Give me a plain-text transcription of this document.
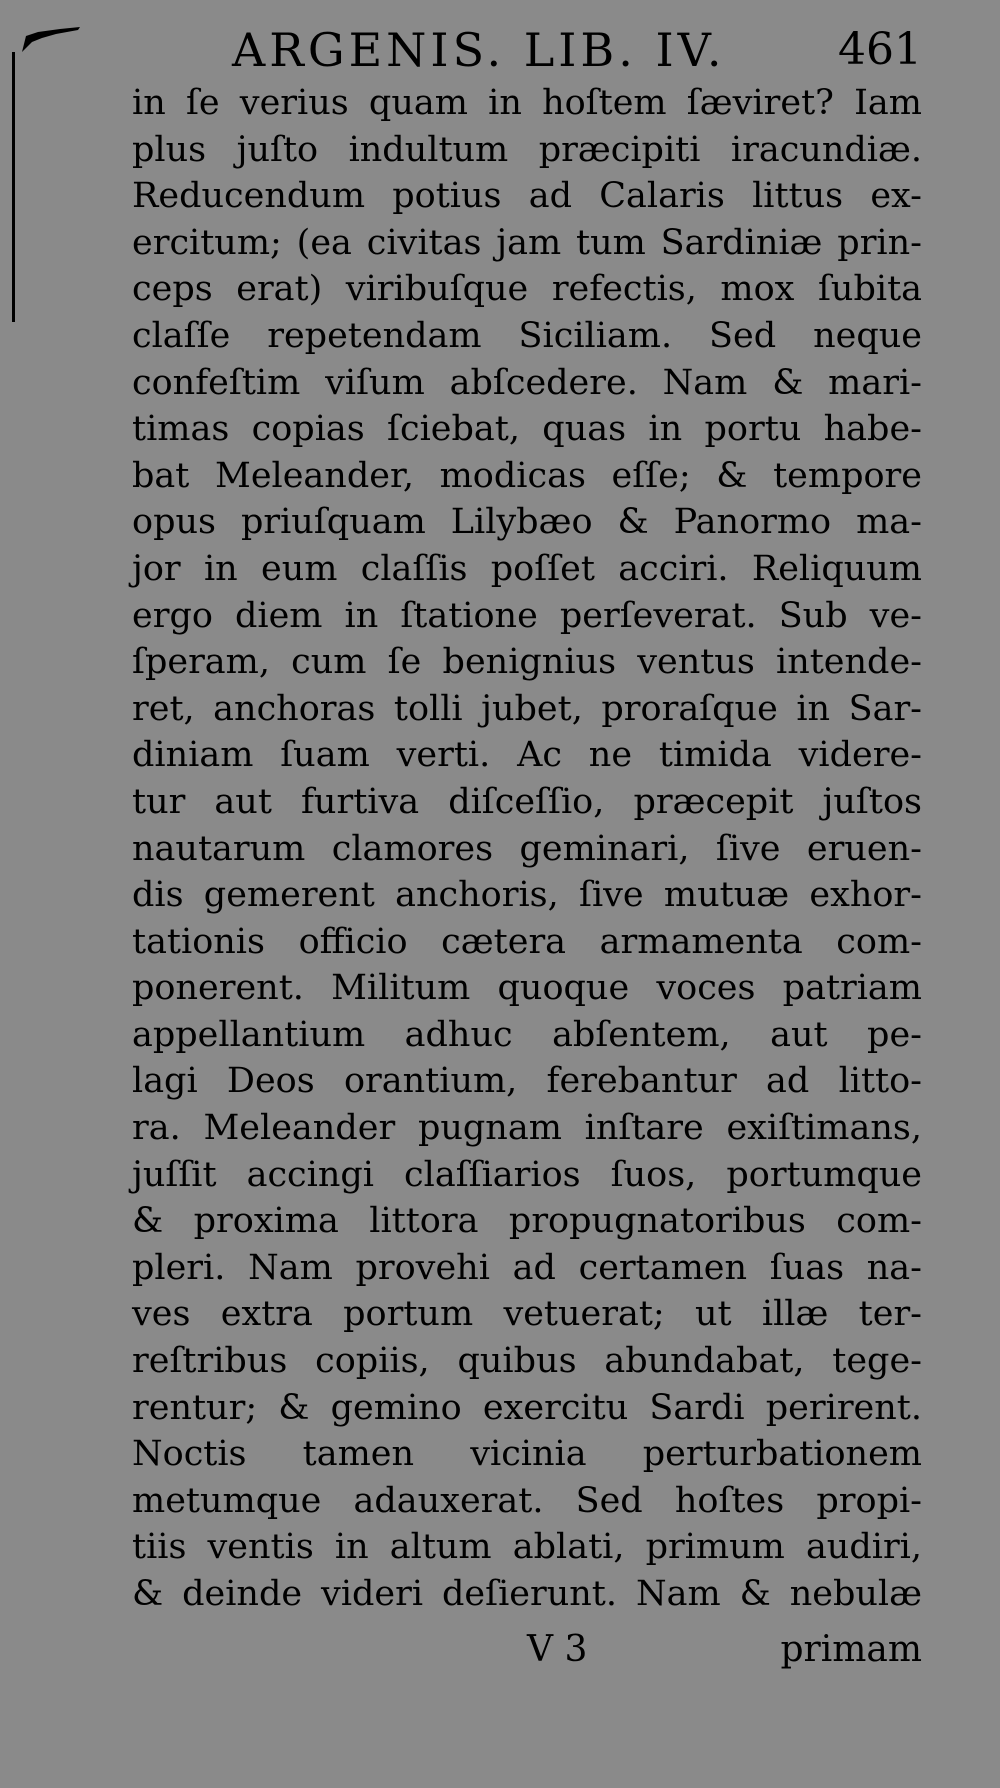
ARGENIS. LIB. IV.	461
in ſe verius quam in hoſtem ſæviret? Iam
plus juſto indultum præcipiti iracundiæ.
Reducendum potius ad Calaris littus ex-
ercitum; (ea civitas jam tum Sardiniæ prin-
ceps erat) viribuſque refectis, mox ſubita
claſſe repetendam Siciliam. Sed neque
confeſtim viſum abſcedere. Nam & mari-
timas copias ſciebat, quas in portu habe-
bat Meleander, modicas eſſe; & tempore
opus priuſquam Lilybæo & Panormo ma-
jor in eum claſſis poſſet acciri. Reliquum
ergo diem in ſtatione perſeverat. Sub ve-
ſperam, cum ſe benignius ventus intende-
ret, anchoras tolli jubet, proraſque in Sar-
diniam ſuam verti. Ac ne timida videre-
tur aut furtiva diſceſſio, præcepit juſtos
nautarum clamores geminari, ſive eruen-
dis gemerent anchoris, ſive mutuæ exhor-
tationis officio cætera armamenta com-
ponerent. Militum quoque voces patriam
appellantium adhuc abſentem, aut pe-
lagi Deos orantium, ferebantur ad litto-
ra. Meleander pugnam inſtare exiſtimans,
juſſit accingi claſſiarios ſuos, portumque
& proxima littora propugnatoribus com-
pleri. Nam provehi ad certamen ſuas na-
ves extra portum vetuerat; ut illæ ter-
reſtribus copiis, quibus abundabat, tege-
rentur; & gemino exercitu Sardi perirent.
Noctis tamen vicinia perturbationem
metumque adauxerat. Sed hoſtes propi-
tiis ventis in altum ablati, primum audiri,
& deinde videri deſierunt. Nam & nebulæ
V 3	primam
